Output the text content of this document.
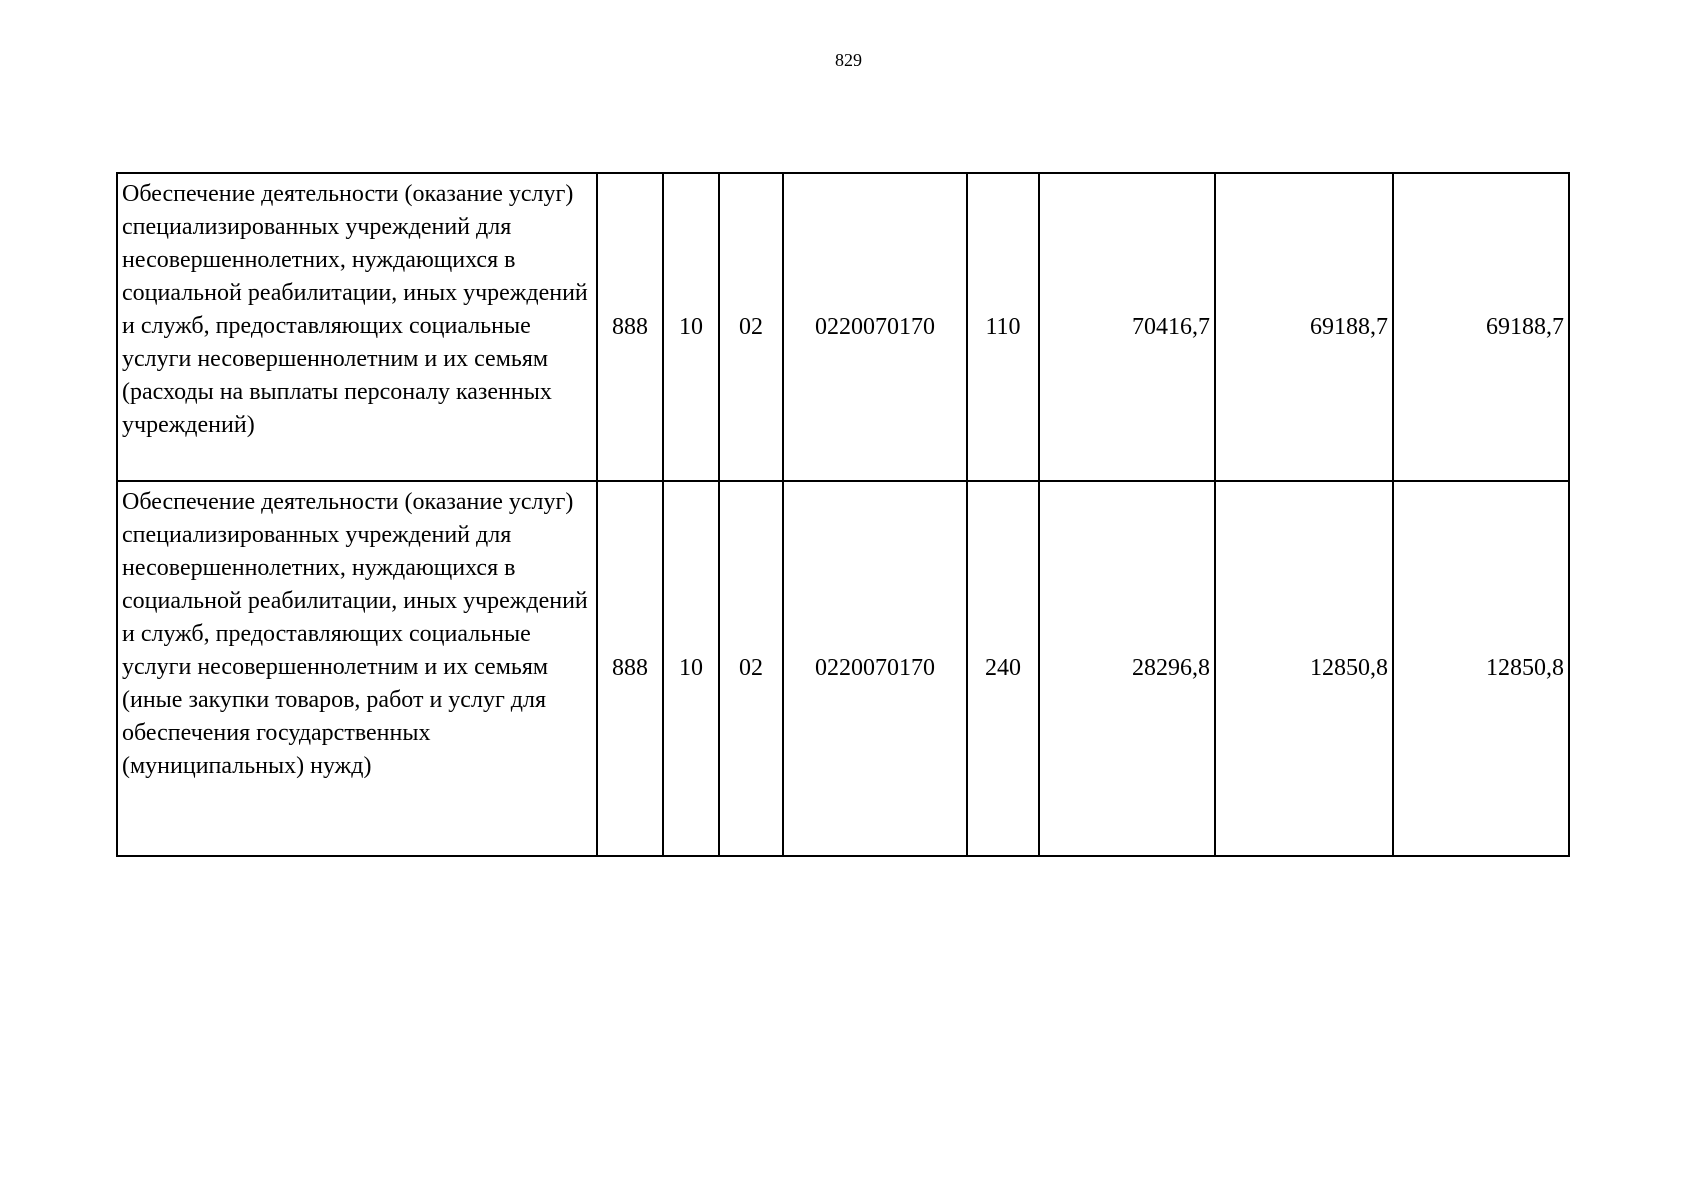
829
Обеспечение деятельности (оказание услуг) специализированных учреждений для несовершеннолетних, нуждающихся в социальной реабилитации, иных учреждений и служб, предоставляющих социальные услуги несовершеннолетним и их семьям (расходы на выплаты персоналу казенных учреждений)	888	10	02	0220070170	110	70416,7	69188,7	69188,7
Обеспечение деятельности (оказание услуг) специализированных учреждений для несовершеннолетних, нуждающихся в социальной реабилитации, иных учреждений и служб, предоставляющих социальные услуги несовершеннолетним и их семьям (иные закупки товаров, работ и услуг для обеспечения государственных (муниципальных) нужд)	888	10	02	0220070170	240	28296,8	12850,8	12850,8
